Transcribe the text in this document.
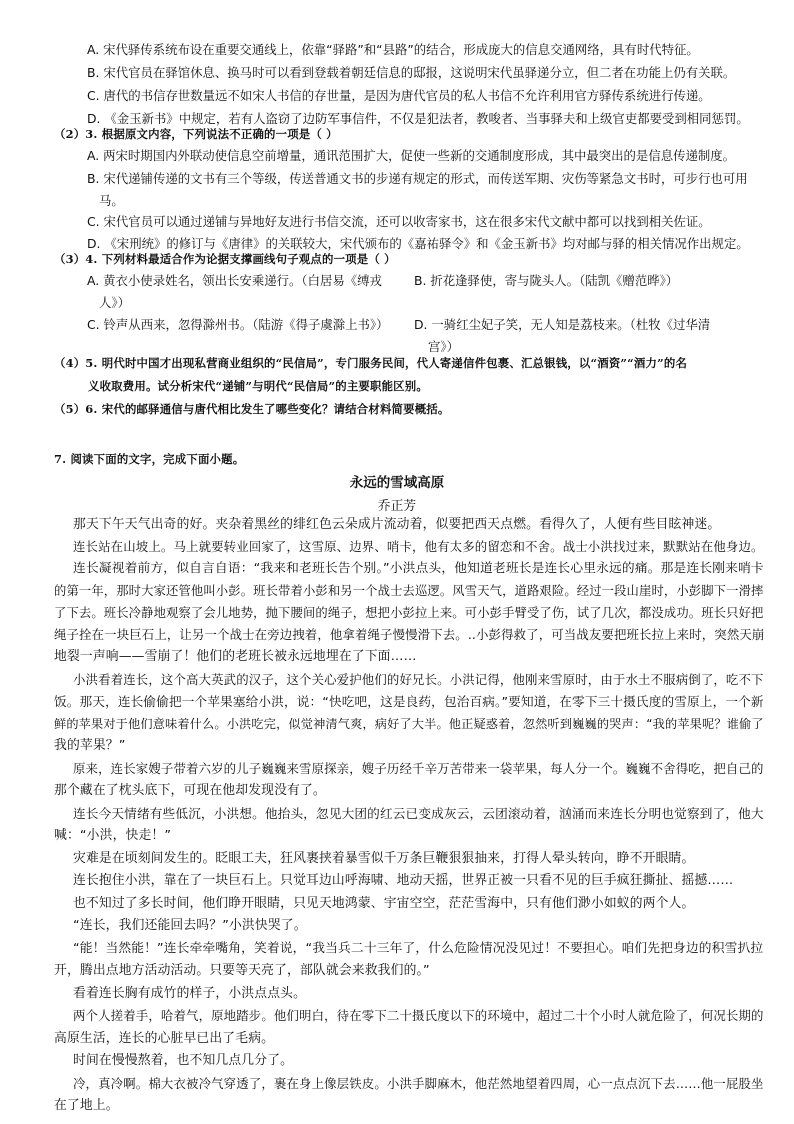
A. 宋代驿传系统布设在重要交通线上，依靠“驿路”和“县路”的结合，形成庞大的信息交通网络，具有时代特征。
B. 宋代官员在驿馆休息、换马时可以看到登载着朝廷信息的邸报，这说明宋代虽驿递分立，但二者在功能上仍有关联。
C. 唐代的书信存世数量远不如宋人书信的存世量，是因为唐代官员的私人书信不允许利用官方驿传系统进行传递。
D. 《金玉新书》中规定，若有人盗窃了边防军事信件，不仅是犯法者，教唆者、当事驿夫和上级官吏都要受到相同惩罚。
（2）3. 根据原文内容，下列说法不正确的一项是（ ）
A. 两宋时期国内外联动使信息空前增量，通讯范围扩大，促使一些新的交通制度形成，其中最突出的是信息传递制度。
B. 宋代递铺传递的文书有三个等级，传送普通文书的步递有规定的形式，而传送军期、灾伤等紧急文书时，可步行也可用
马。
C. 宋代官员可以通过递铺与异地好友进行书信交流，还可以收寄家书，这在很多宋代文献中都可以找到相关佐证。
D. 《宋刑统》的修订与《唐律》的关联较大，宋代颁布的《嘉祐驿令》和《金玉新书》均对邮与驿的相关情况作出规定。
（3）4. 下列材料最适合作为论据支撑画线句子观点的一项是（ ）
A. 黄衣小使录姓名，领出长安乘递行。（白居易《缚戎
人》）
B. 折花逢驿使，寄与陇头人。（陆凯《赠范晔》）
C. 铃声从西来，忽得滁州书。（陆游《得子虞滁上书》） D. 一骑红尘妃子笑，无人知是荔枝来。（杜牧《过华清
宫》）
（4）5. 明代时中国才出现私营商业组织的“民信局”，专门服务民间，代人寄递信件包裹、汇总银钱，以“酒资”“酒力”的名
义收取费用。试分析宋代“递铺”与明代“民信局”的主要职能区别。
（5）6. 宋代的邮驿通信与唐代相比发生了哪些变化？请结合材料简要概括。
7. 阅读下面的文字，完成下面小题。
永远的雪域高原
乔正芳
那天下午天气出奇的好。夹杂着黑丝的绯红色云朵成片流动着，似要把西天点燃。看得久了，人便有些目眩神迷。
连长站在山坡上。马上就要转业回家了，这雪原、边界、哨卡，他有太多的留恋和不舍。战士小洪找过来，默默站在他身边。
连长凝视着前方，似自言自语：“我来和老班长告个别。”小洪点头，他知道老班长是连长心里永远的痛。那是连长刚来哨卡
的第一年，那时大家还管他叫小彭。班长带着小彭和另一个战士去巡逻。风雪天气，道路艰险。经过一段山崖时，小彭脚下一滑摔
了下去。班长冷静地观察了会儿地势，抛下腰间的绳子，想把小彭拉上来。可小彭手臂受了伤，试了几次，都没成功。班长只好把
绳子拴在一块巨石上，让另一个战士在旁边拽着，他拿着绳子慢慢滑下去。..小彭得救了，可当战友要把班长拉上来时，突然天崩
地裂一声响——雪崩了！他们的老班长被永远地埋在了下面……
小洪看着连长，这个高大英武的汉子，这个关心爱护他们的好兄长。小洪记得，他刚来雪原时，由于水土不服病倒了，吃不下
饭。那天，连长偷偷把一个苹果塞给小洪，说：“快吃吧，这是良药，包治百病。”要知道，在零下三十摄氏度的雪原上，一个新
鲜的苹果对于他们意味着什么。小洪吃完，似觉神清气爽，病好了大半。他正疑惑着，忽然听到巍巍的哭声：“我的苹果呢？谁偷了
我的苹果？”
原来，连长家嫂子带着六岁的儿子巍巍来雪原探亲，嫂子历经千辛万苦带来一袋苹果，每人分一个。巍巍不舍得吃，把自己的
那个藏在了枕头底下，可现在他却发现没有了。
连长今天情绪有些低沉，小洪想。他抬头，忽见大团的红云已变成灰云，云团滚动着，汹涌而来连长分明也觉察到了，他大
喊：“小洪，快走！”
灾难是在顷刻间发生的。眨眼工夫，狂风裹挟着暴雪似千万条巨鞭狠狠抽来，打得人晕头转向，睁不开眼睛。
连长抱住小洪，靠在了一块巨石上。只觉耳边山呼海啸、地动天摇，世界正被一只看不见的巨手疯狂撕扯、摇撼……
也不知过了多长时间，他们睁开眼睛，只见天地鸿蒙、宇宙空空，茫茫雪海中，只有他们渺小如蚁的两个人。
“连长，我们还能回去吗？”小洪快哭了。
“能！当然能！”连长牵牵嘴角，笑着说，“我当兵二十三年了，什么危险情况没见过！不要担心。咱们先把身边的积雪扒拉
开，腾出点地方活动活动。只要等天亮了，部队就会来救我们的。”
看着连长胸有成竹的样子，小洪点点头。
两个人搓着手，哈着气，原地踏步。他们明白，待在零下二十摄氏度以下的环境中，超过二十个小时人就危险了，何况长期的
高原生活，连长的心脏早已出了毛病。
时间在慢慢熬着，也不知几点几分了。
冷，真冷啊。棉大衣被冷气穿透了，裹在身上像层铁皮。小洪手脚麻木，他茫然地望着四周，心一点点沉下去……他一屁股坐
在了地上。
